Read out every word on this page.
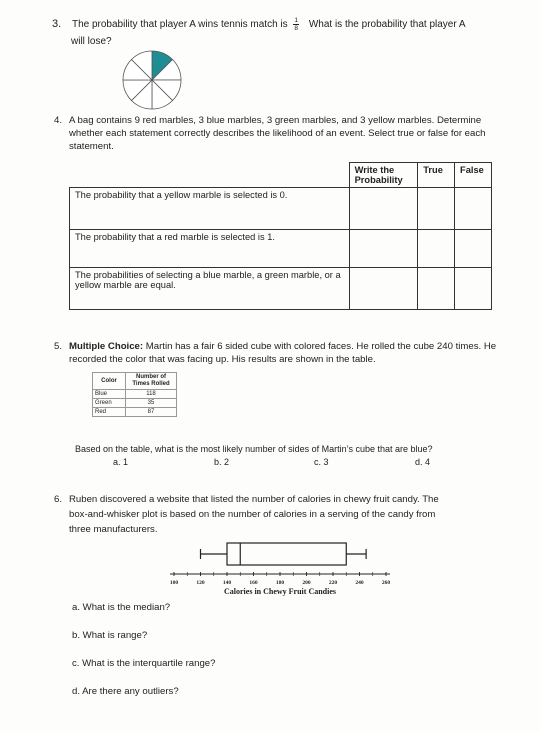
3. The probability that player A wins tennis match is $\frac{1}{8}$ What is the probability that player A
will lose?
4. A bag contains 9 red marbles, 3 blue marbles, 3 green marbles, and 3 yellow marbles. Determine
whether each statement correctly describes the likelihood of an event. Select true or false for each
statement.
	Write the Probability	True	False
The probability that a yellow marble is selected is 0.			
The probability that a red marble is selected is 1.			
The probabilities of selecting a blue marble, a green marble, or a yellow marble are equal.			
5. Multiple Choice: Martin has a fair 6 sided cube with colored faces. He rolled the cube 240 times. He
recorded the color that was facing up. His results are shown in the table.
Color	Number of Times Rolled
Blue	118
Green	35
Red	87
Based on the table, what is the most likely number of sides of Martin’s cube that are blue?
a. 1	b. 2	c. 3	d. 4
6. Ruben discovered a website that listed the number of calories in chewy fruit candy. The
box-and-whisker plot is based on the number of calories in a serving of the candy from
three manufacturers.
100	120	140	160	180	200	220	240	260
Calories in Chewy Fruit Candies
a. What is the median?
b. What is range?
c. What is the interquartile range?
d. Are there any outliers?
